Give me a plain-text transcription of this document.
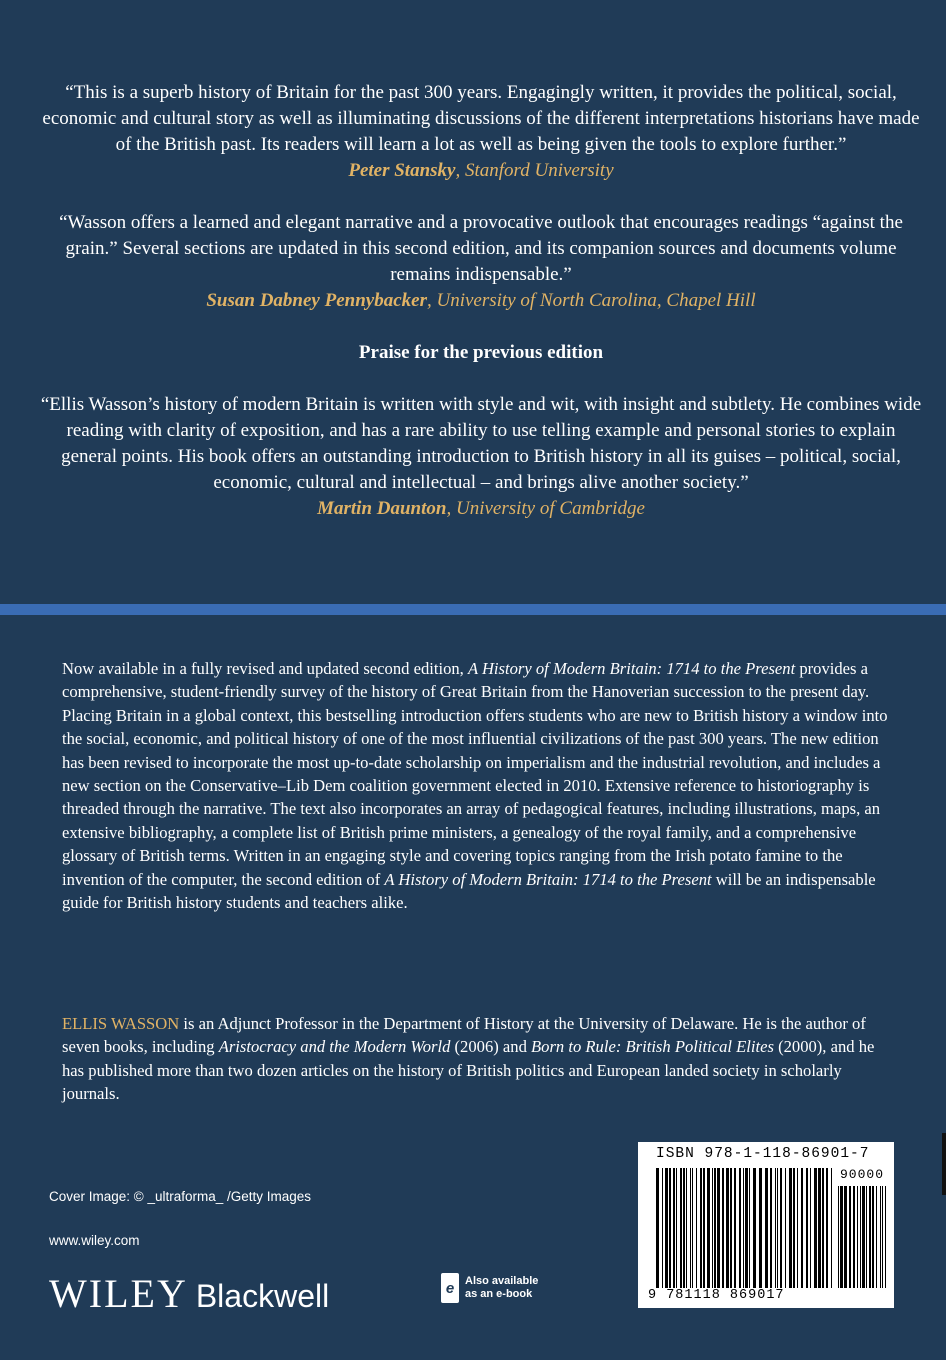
“This is a superb history of Britain for the past 300 years. Engagingly written, it provides the political, social, economic and cultural story as well as illuminating discussions of the different interpretations historians have made of the British past. Its readers will learn a lot as well as being given the tools to explore further.”

Peter Stansky, Stanford University

“Wasson offers a learned and elegant narrative and a provocative outlook that encourages readings “against the grain.” Several sections are updated in this second edition, and its companion sources and documents volume remains indispensable.”

Susan Dabney Pennybacker, University of North Carolina, Chapel Hill

Praise for the previous edition

“Ellis Wasson’s history of modern Britain is written with style and wit, with insight and subtlety. He combines wide reading with clarity of exposition, and has a rare ability to use telling example and personal stories to explain general points. His book offers an outstanding introduction to British history in all its guises – political, social, economic, cultural and intellectual – and brings alive another society.”

Martin Daunton, University of Cambridge

Now available in a fully revised and updated second edition, A History of Modern Britain: 1714 to the Present provides a comprehensive, student-friendly survey of the history of Great Britain from the Hanoverian succession to the present day. Placing Britain in a global context, this bestselling introduction offers students who are new to British history a window into the social, economic, and political history of one of the most influential civilizations of the past 300 years. The new edition has been revised to incorporate the most up-to-date scholarship on imperialism and the industrial revolution, and includes a new section on the Conservative–Lib Dem coalition government elected in 2010. Extensive reference to historiography is threaded through the narrative. The text also incorporates an array of pedagogical features, including illustrations, maps, an extensive bibliography, a complete list of British prime ministers, a genealogy of the royal family, and a comprehensive glossary of British terms. Written in an engaging style and covering topics ranging from the Irish potato famine to the invention of the computer, the second edition of A History of Modern Britain: 1714 to the Present will be an indispensable guide for British history students and teachers alike.

ELLIS WASSON is an Adjunct Professor in the Department of History at the University of Delaware. He is the author of seven books, including Aristocracy and the Modern World (2006) and Born to Rule: British Political Elites (2000), and he has published more than two dozen articles on the history of British politics and European landed society in scholarly journals.

Cover Image: © _ultraforma_ /Getty Images
www.wiley.com
WILEY Blackwell	e Also available
as an e-book
ISBN 978-1-118-86901-7
90000
9 781118 869017
